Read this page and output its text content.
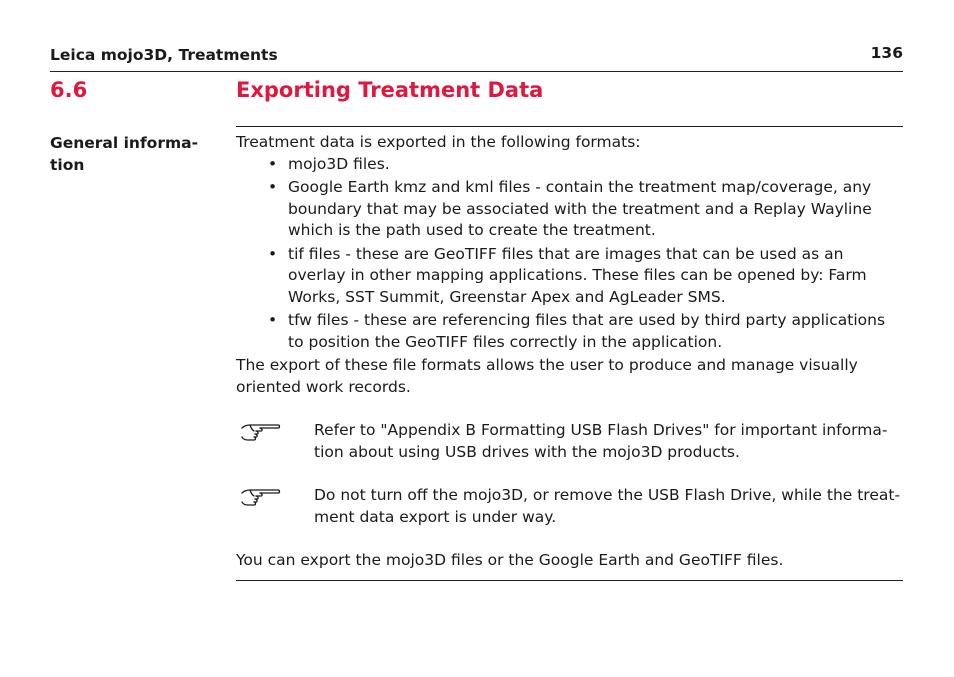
Leica mojo3D, Treatments	136
6.6	Exporting Treatment Data
General informa-
tion

Treatment data is exported in the following formats:

• mojo3D files.
• Google Earth kmz and kml files - contain the treatment map/coverage, any boundary that may be associated with the treatment and a Replay Wayline which is the path used to create the treatment.
• tif files - these are GeoTIFF files that are images that can be used as an overlay in other mapping applications. These files can be opened by: Farm Works, SST Summit, Greenstar Apex and AgLeader SMS.
• tfw files - these are referencing files that are used by third party applications to position the GeoTIFF files correctly in the application.

The export of these file formats allows the user to produce and manage visually oriented work records.

Refer to "Appendix B Formatting USB Flash Drives" for important informa-tion about using USB drives with the mojo3D products.
Do not turn off the mojo3D, or remove the USB Flash Drive, while the treat-ment data export is under way.

You can export the mojo3D files or the Google Earth and GeoTIFF files.
